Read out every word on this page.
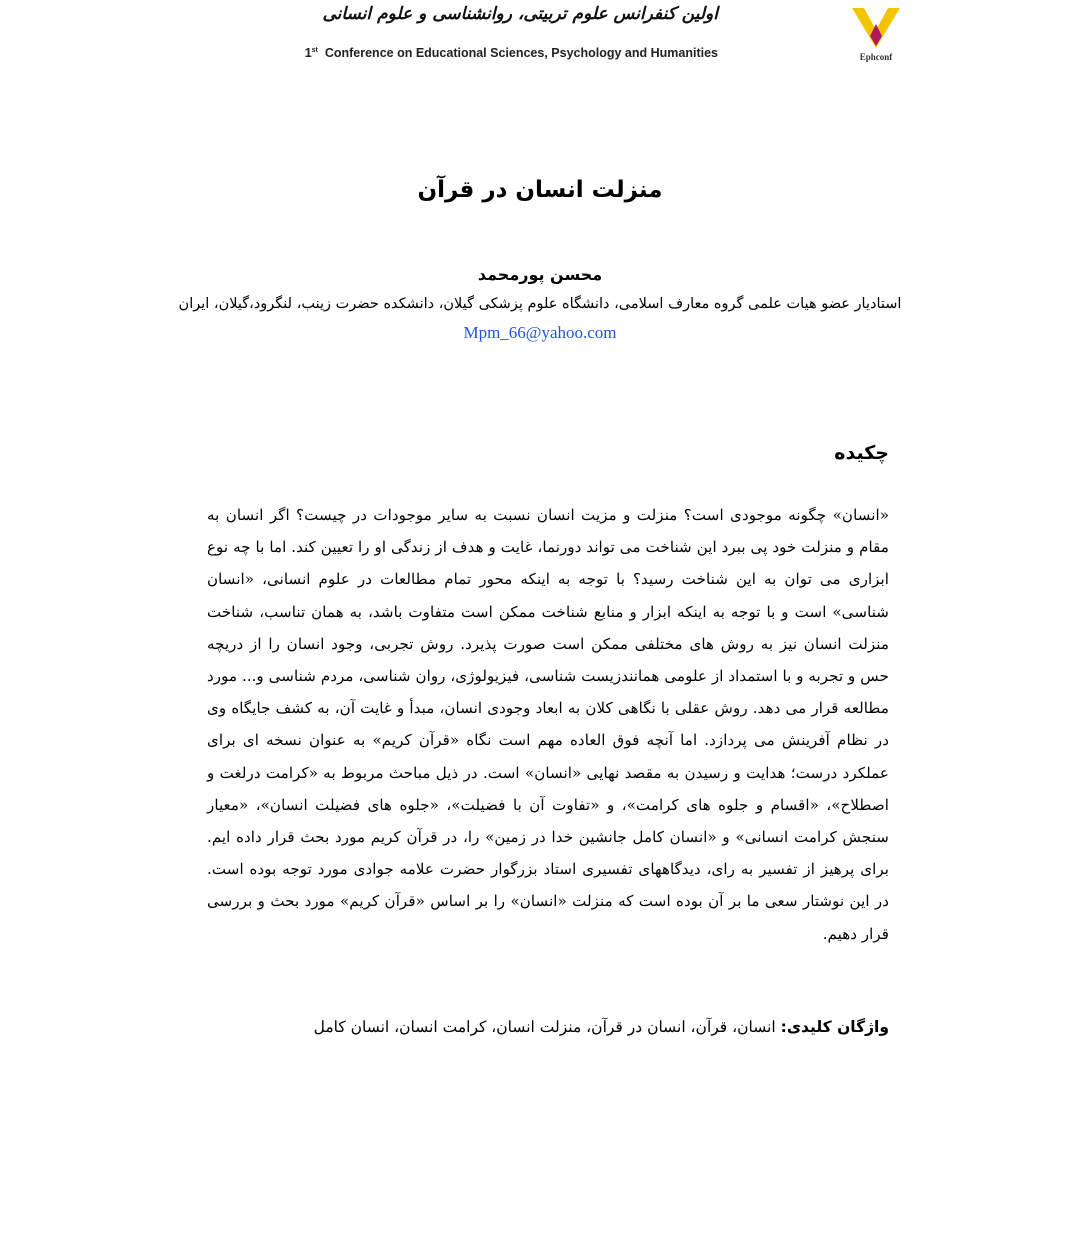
اولین کنفرانس علوم تربیتی، روانشناسی و علوم انسانی
1st Conference on Educational Sciences, Psychology and Humanities	Ephconf
منزلت انسان در قرآن
محسن پورمحمد
استادیار عضو هیات علمی گروه معارف اسلامی، دانشگاه علوم پزشکی گیلان، دانشکده حضرت زینب، لنگرود،گیلان، ایران
Mpm_66@yahoo.com
چکیده
«انسان» چگونه موجودی است؟ منزلت و مزیت انسان نسبت به سایر موجودات در چیست؟ اگر انسان به مقام و منزلت خود پی ببرد این شناخت می تواند دورنما، غایت و هدف از زندگی او را تعیین کند. اما با چه نوع ابزاری می توان به این شناخت رسید؟ با توجه به اینکه محور تمام مطالعات در علوم انسانی، «انسان شناسی» است و با توجه به اینکه ابزار و منابع شناخت ممکن است متفاوت باشد، به همان تناسب، شناخت منزلت انسان نیز به روش های مختلفی ممکن است صورت پذیرد. روش تجربی، وجود انسان را از دریچه حس و تجربه و با استمداد از علومی همانندزیست شناسی، فیزیولوژی، روان شناسی، مردم شناسی و... مورد مطالعه قرار می دهد. روش عقلی با نگاهی کلان به ابعاد وجودی انسان، مبدأ و غایت آن، به کشف جایگاه وی در نظام آفرینش می پردازد. اما آنچه فوق العاده مهم است نگاه «قرآن کریم» به عنوان نسخه ای برای عملکرد درست؛ هدایت و رسیدن به مقصد نهایی «انسان» است. در ذیل مباحث مربوط به «کرامت درلغت و اصطلاح»، «اقسام و جلوه های کرامت»، و «تفاوت آن با فضیلت»، «جلوه های فضیلت انسان»، «معیار سنجش کرامت انسانی» و «انسان کامل جانشین خدا در زمین» را، در قرآن کریم مورد بحث قرار داده ایم. برای پرهیز از تفسیر به رای، دیدگاههای تفسیری استاد بزرگوار حضرت علامه جوادی مورد توجه بوده است. در این نوشتار سعی ما بر آن بوده است که منزلت «انسان» را بر اساس «قرآن کریم» مورد بحث و بررسی قرار دهیم.
واژگان کلیدی: انسان، قرآن، انسان در قرآن، منزلت انسان، کرامت انسان، انسان کامل
